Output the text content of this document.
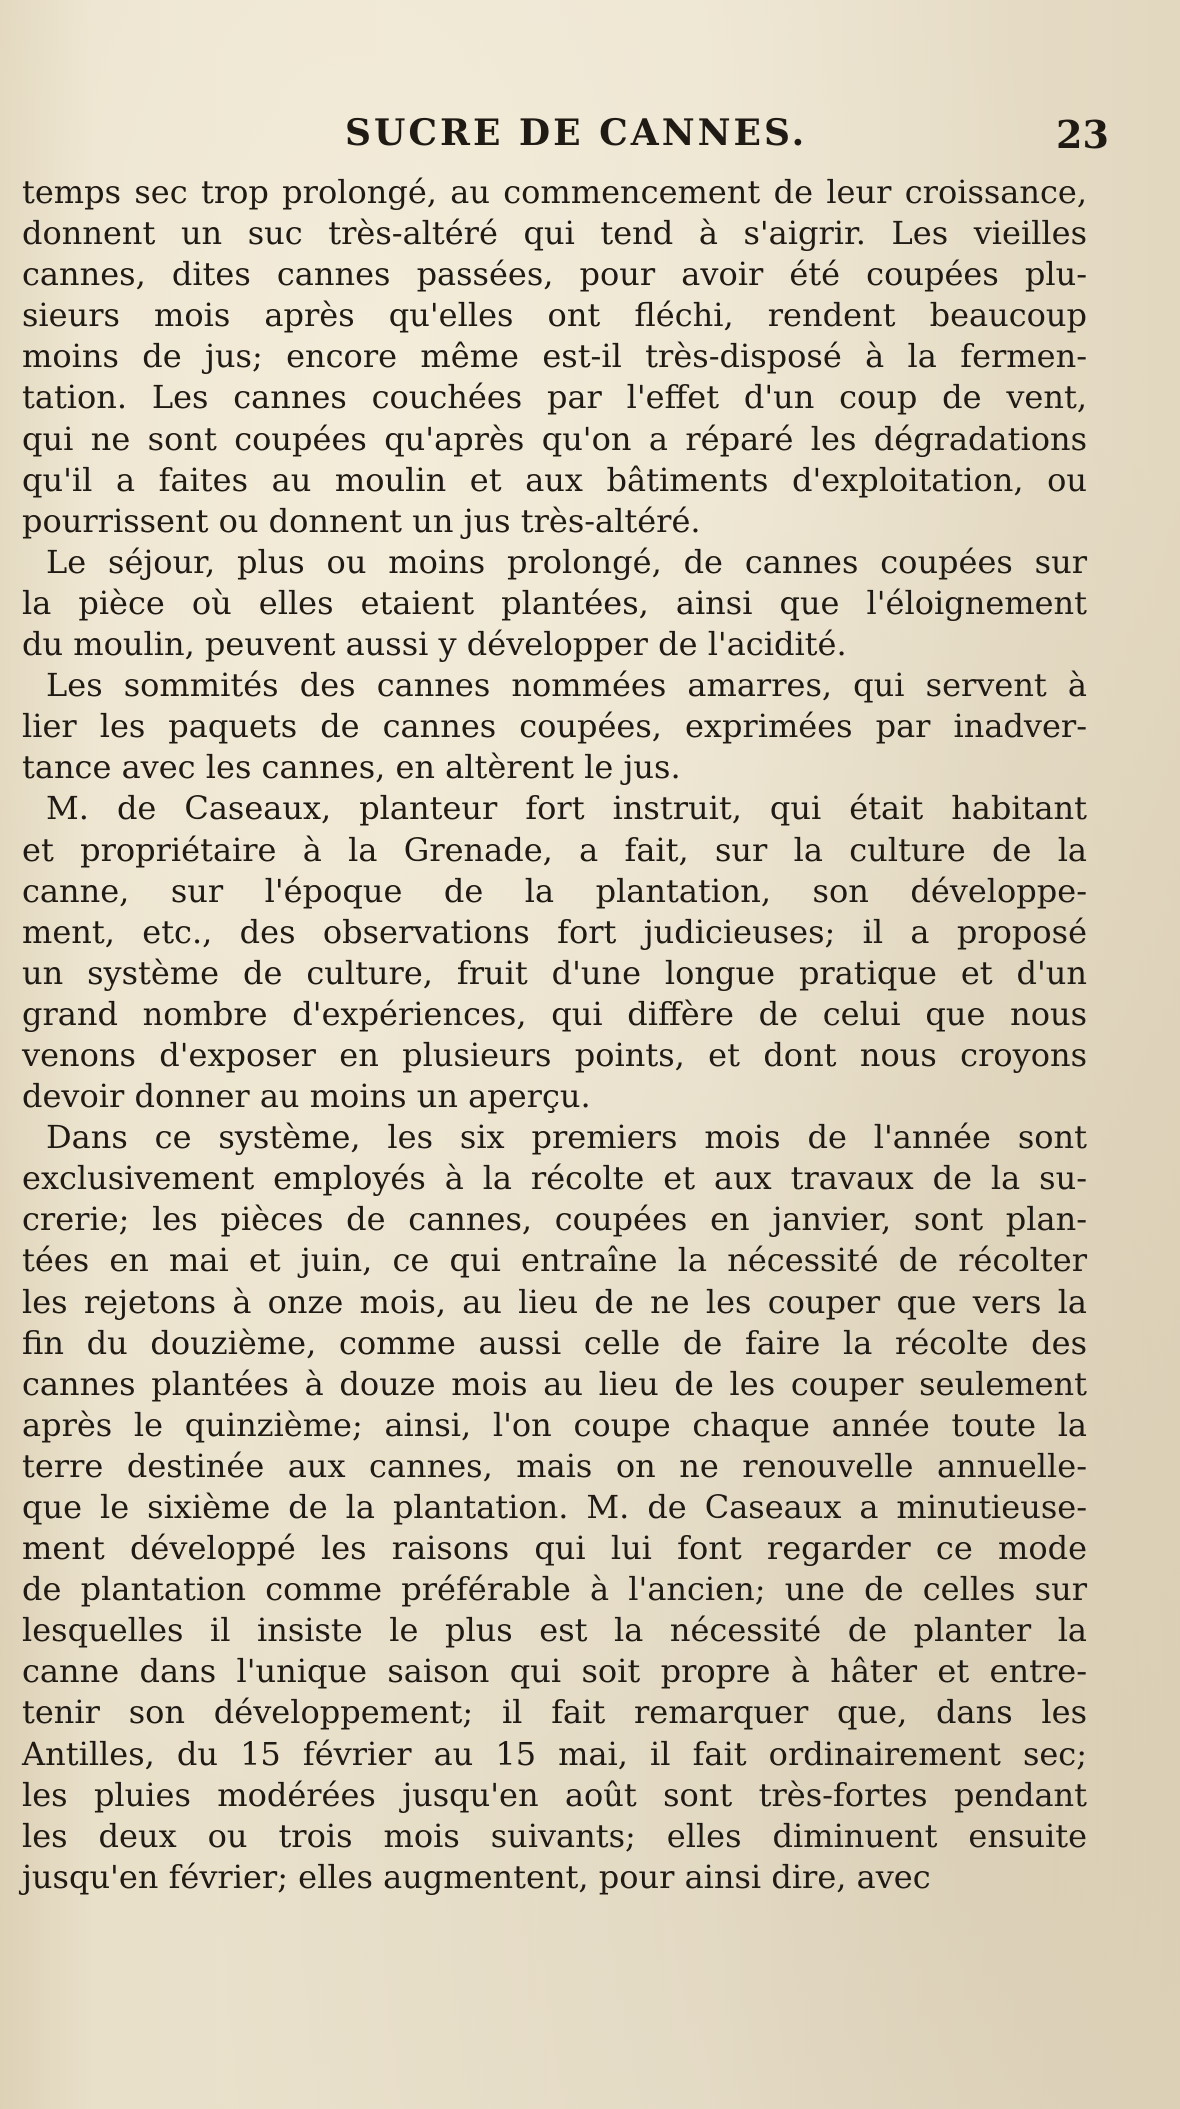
SUCRE DE CANNES.	23
temps sec trop prolongé, au commencement de leur croissance,
donnent un suc très-altéré qui tend à s'aigrir. Les vieilles
cannes, dites cannes passées, pour avoir été coupées plu-
sieurs mois après qu'elles ont fléchi, rendent beaucoup
moins de jus; encore même est-il très-disposé à la fermen-
tation. Les cannes couchées par l'effet d'un coup de vent,
qui ne sont coupées qu'après qu'on a réparé les dégradations
qu'il a faites au moulin et aux bâtiments d'exploitation, ou
pourrissent ou donnent un jus très-altéré.
Le séjour, plus ou moins prolongé, de cannes coupées sur
la pièce où elles etaient plantées, ainsi que l'éloignement
du moulin, peuvent aussi y développer de l'acidité.
Les sommités des cannes nommées amarres, qui servent à
lier les paquets de cannes coupées, exprimées par inadver-
tance avec les cannes, en altèrent le jus.
M. de Caseaux, planteur fort instruit, qui était habitant
et propriétaire à la Grenade, a fait, sur la culture de la
canne, sur l'époque de la plantation, son développe-
ment, etc., des observations fort judicieuses; il a proposé
un système de culture, fruit d'une longue pratique et d'un
grand nombre d'expériences, qui diffère de celui que nous
venons d'exposer en plusieurs points, et dont nous croyons
devoir donner au moins un aperçu.
Dans ce système, les six premiers mois de l'année sont
exclusivement employés à la récolte et aux travaux de la su-
crerie; les pièces de cannes, coupées en janvier, sont plan-
tées en mai et juin, ce qui entraîne la nécessité de récolter
les rejetons à onze mois, au lieu de ne les couper que vers la
fin du douzième, comme aussi celle de faire la récolte des
cannes plantées à douze mois au lieu de les couper seulement
après le quinzième; ainsi, l'on coupe chaque année toute la
terre destinée aux cannes, mais on ne renouvelle annuelle-
que le sixième de la plantation. M. de Caseaux a minutieuse-
ment développé les raisons qui lui font regarder ce mode
de plantation comme préférable à l'ancien; une de celles sur
lesquelles il insiste le plus est la nécessité de planter la
canne dans l'unique saison qui soit propre à hâter et entre-
tenir son développement; il fait remarquer que, dans les
Antilles, du 15 février au 15 mai, il fait ordinairement sec;
les pluies modérées jusqu'en août sont très-fortes pendant
les deux ou trois mois suivants; elles diminuent ensuite
jusqu'en février; elles augmentent, pour ainsi dire, avec
